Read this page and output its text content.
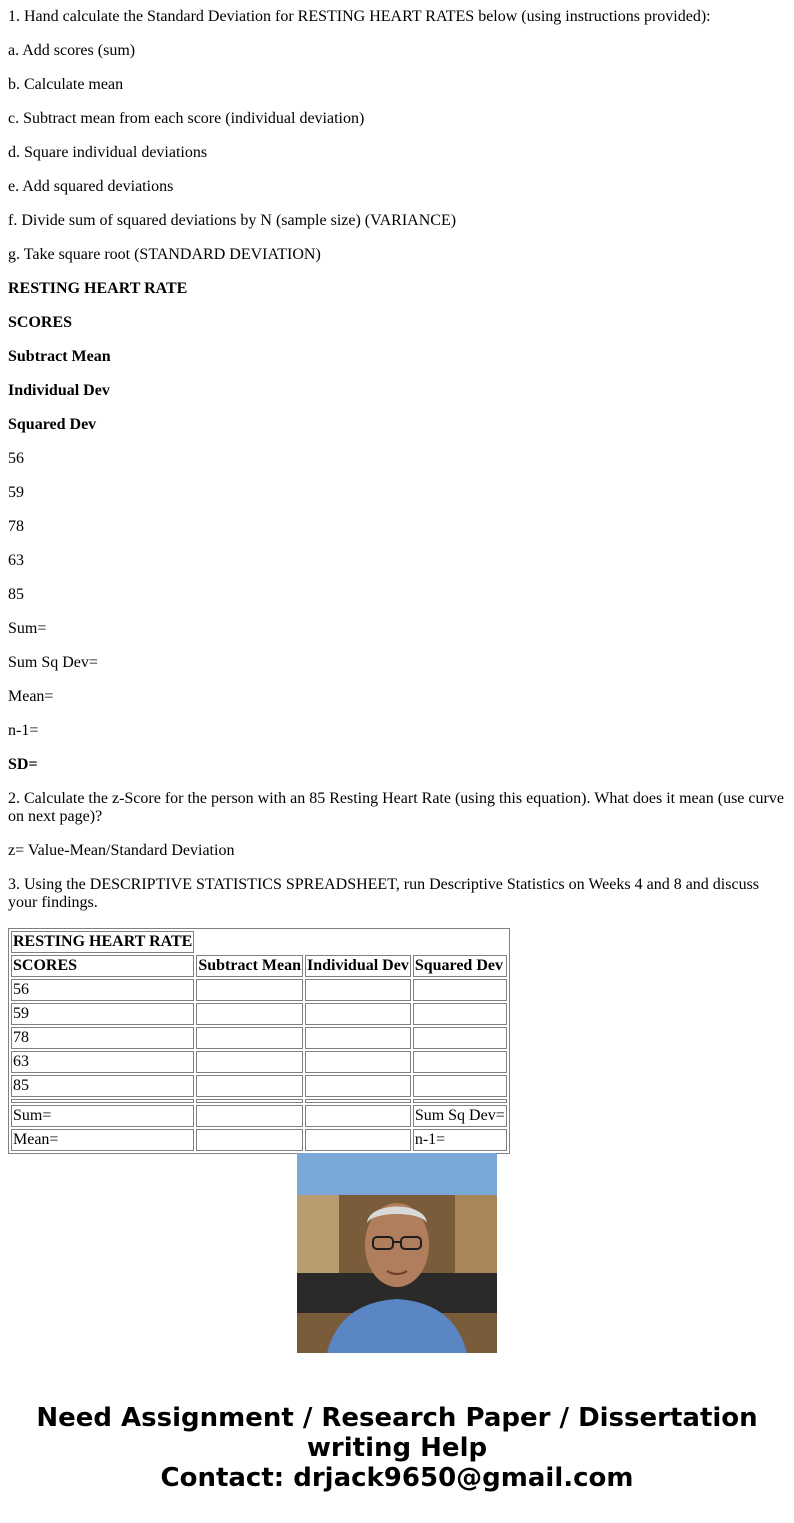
1. Hand calculate the Standard Deviation for RESTING HEART RATES below (using instructions provided):

a. Add scores (sum)

b. Calculate mean

c. Subtract mean from each score (individual deviation)

d. Square individual deviations

e. Add squared deviations

f. Divide sum of squared deviations by N (sample size) (VARIANCE)

g. Take square root (STANDARD DEVIATION)

RESTING HEART RATE

SCORES

Subtract Mean

Individual Dev

Squared Dev

56

59

78

63

85

Sum=

Sum Sq Dev=

Mean=

n-1=

SD=

2. Calculate the z-Score for the person with an 85 Resting Heart Rate (using this equation). What does it mean (use curve on next page)?

z= Value-Mean/Standard Deviation

3. Using the DESCRIPTIVE STATISTICS SPREADSHEET, run Descriptive Statistics on Weeks 4 and 8 and discuss your findings.

RESTING HEART RATE			
SCORES	Subtract Mean	Individual Dev	Squared Dev
56			
59			
78			
63			
85			

Sum=			Sum Sq Dev=
Mean=			n-1=
Need Assignment / Research Paper / Dissertation
writing Help
Contact: drjack9650@gmail.com
